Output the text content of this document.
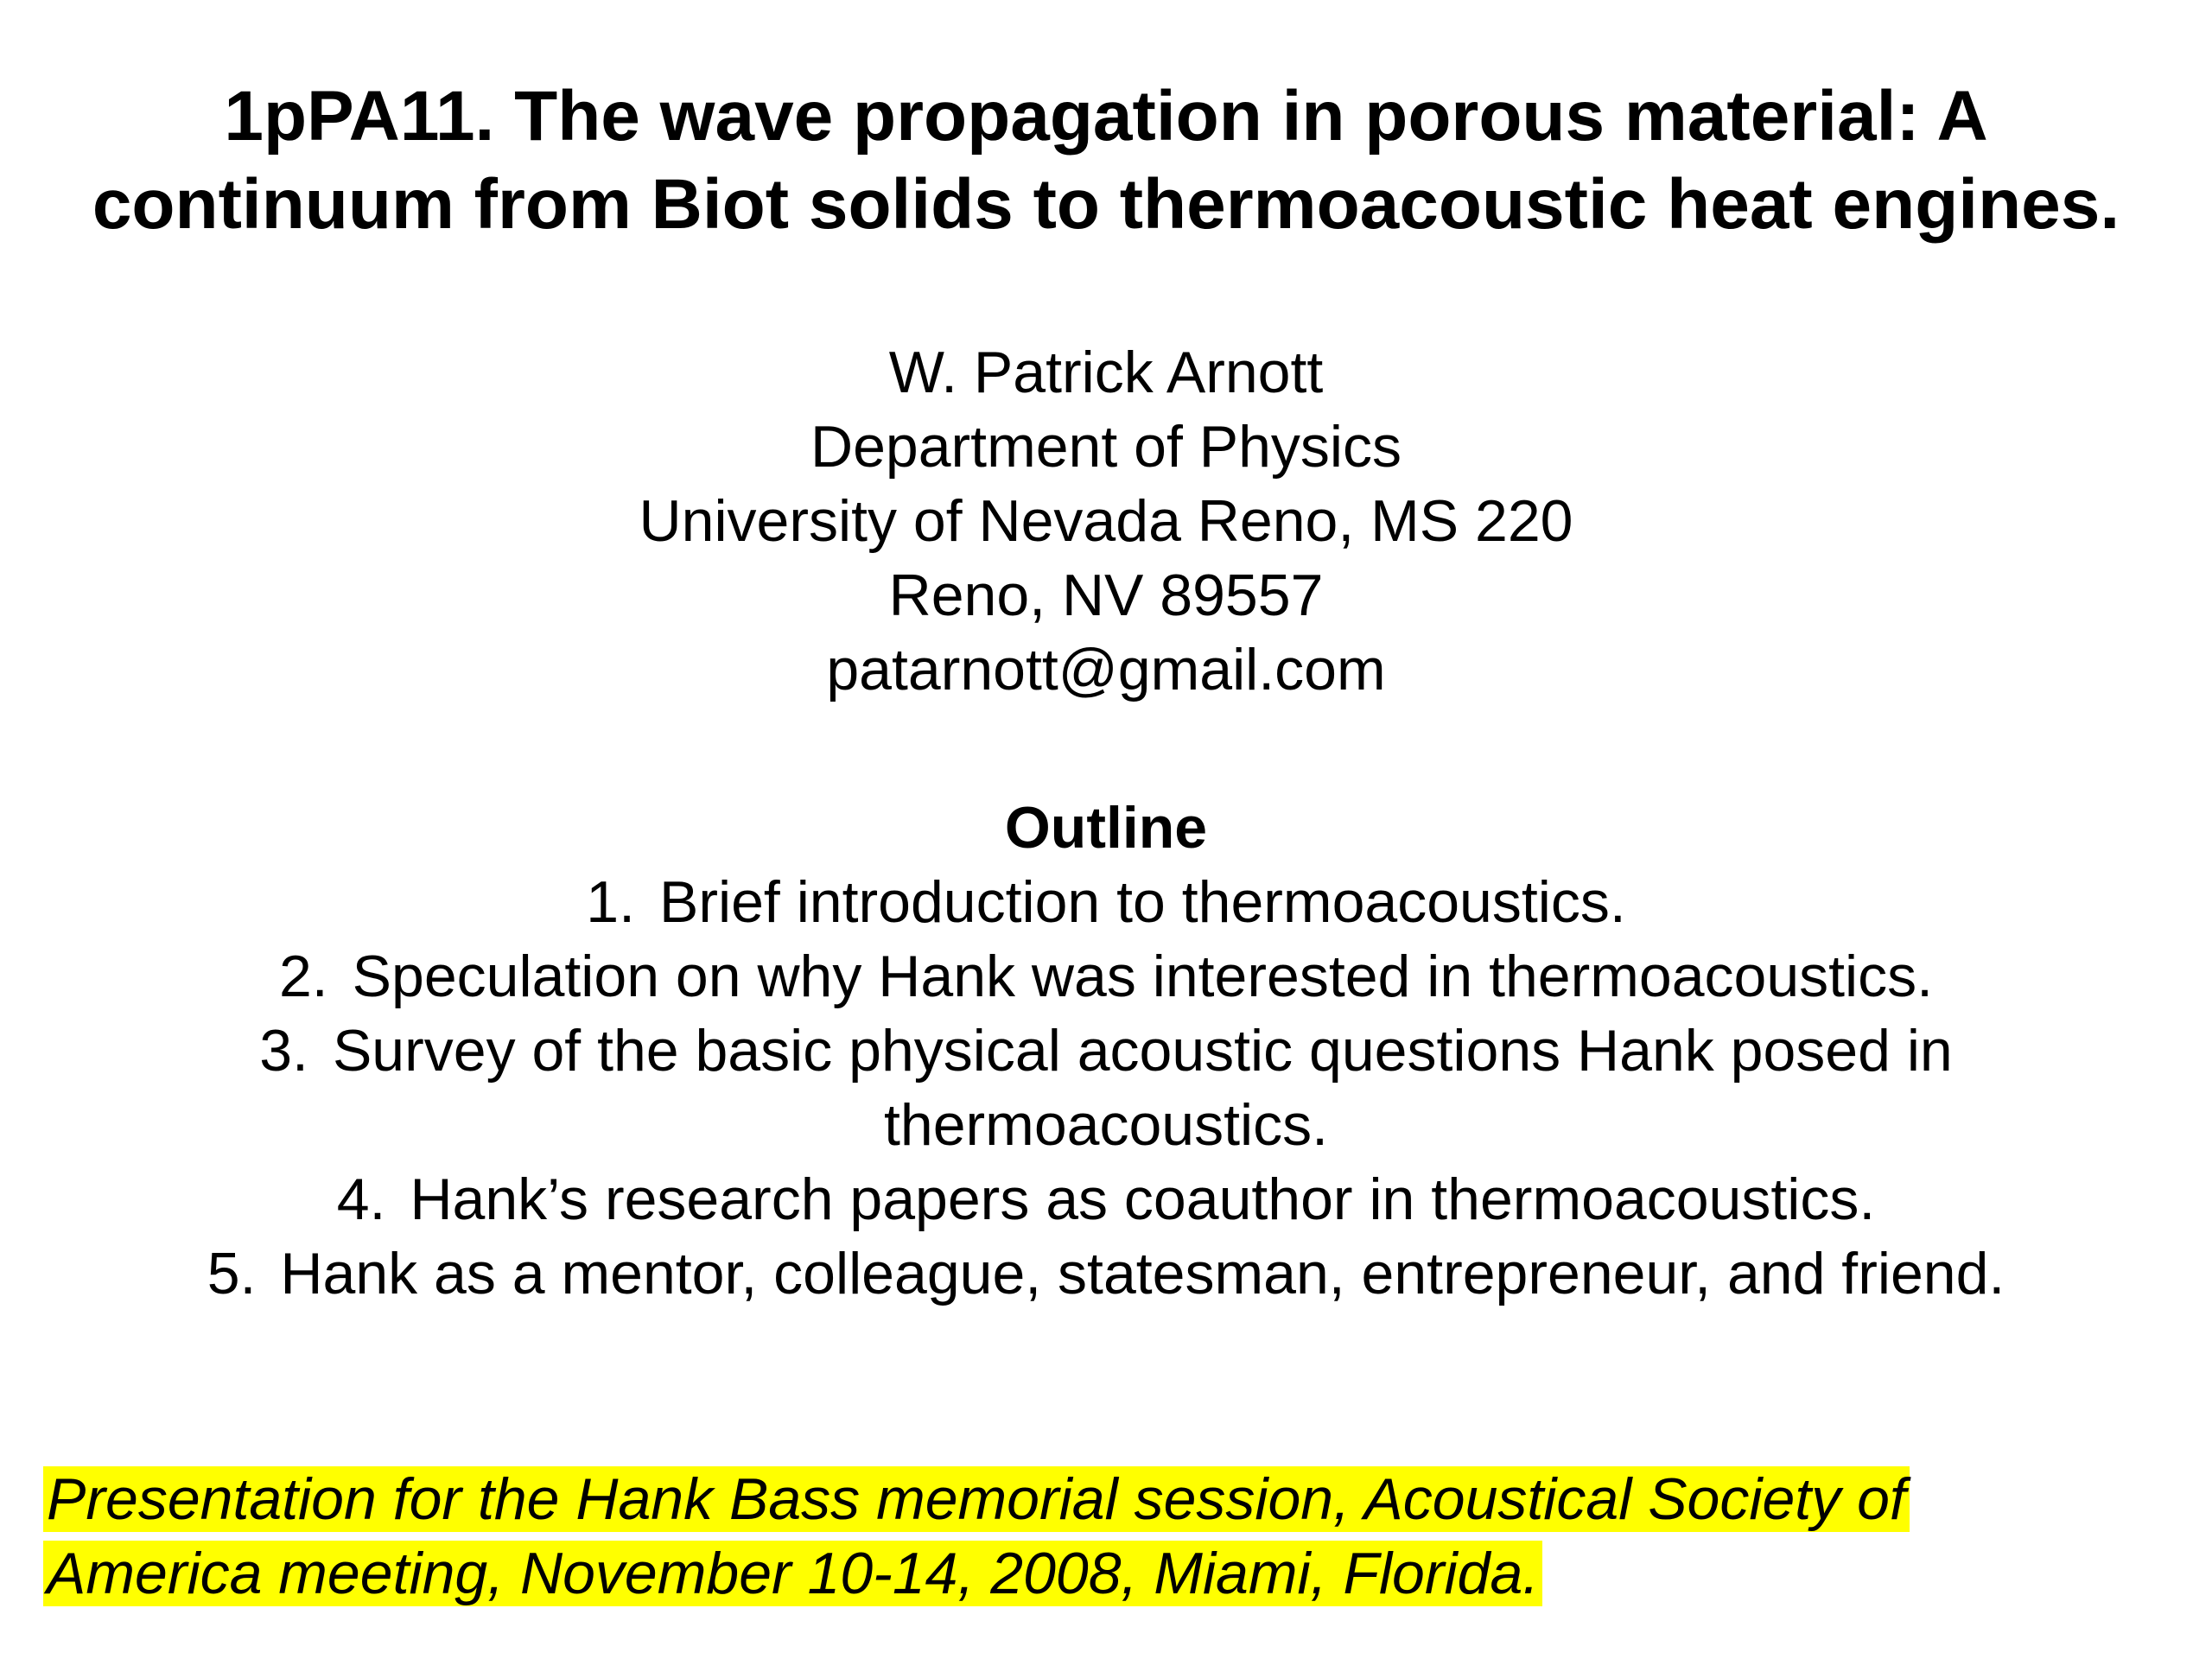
1pPA11. The wave propagation in porous material: A
continuum from Biot solids to thermoacoustic heat engines.
W. Patrick Arnott
Department of Physics
University of Nevada Reno, MS 220
Reno, NV 89557
patarnott@gmail.com
Outline
1. Brief introduction to thermoacoustics.
2. Speculation on why Hank was interested in thermoacoustics.
3. Survey of the basic physical acoustic questions Hank posed in thermoacoustics.
4. Hank’s research papers as coauthor in thermoacoustics.
5. Hank as a mentor, colleague, statesman, entrepreneur, and friend.
Presentation for the Hank Bass memorial session, Acoustical Society of
America meeting, November 10-14, 2008, Miami, Florida.
